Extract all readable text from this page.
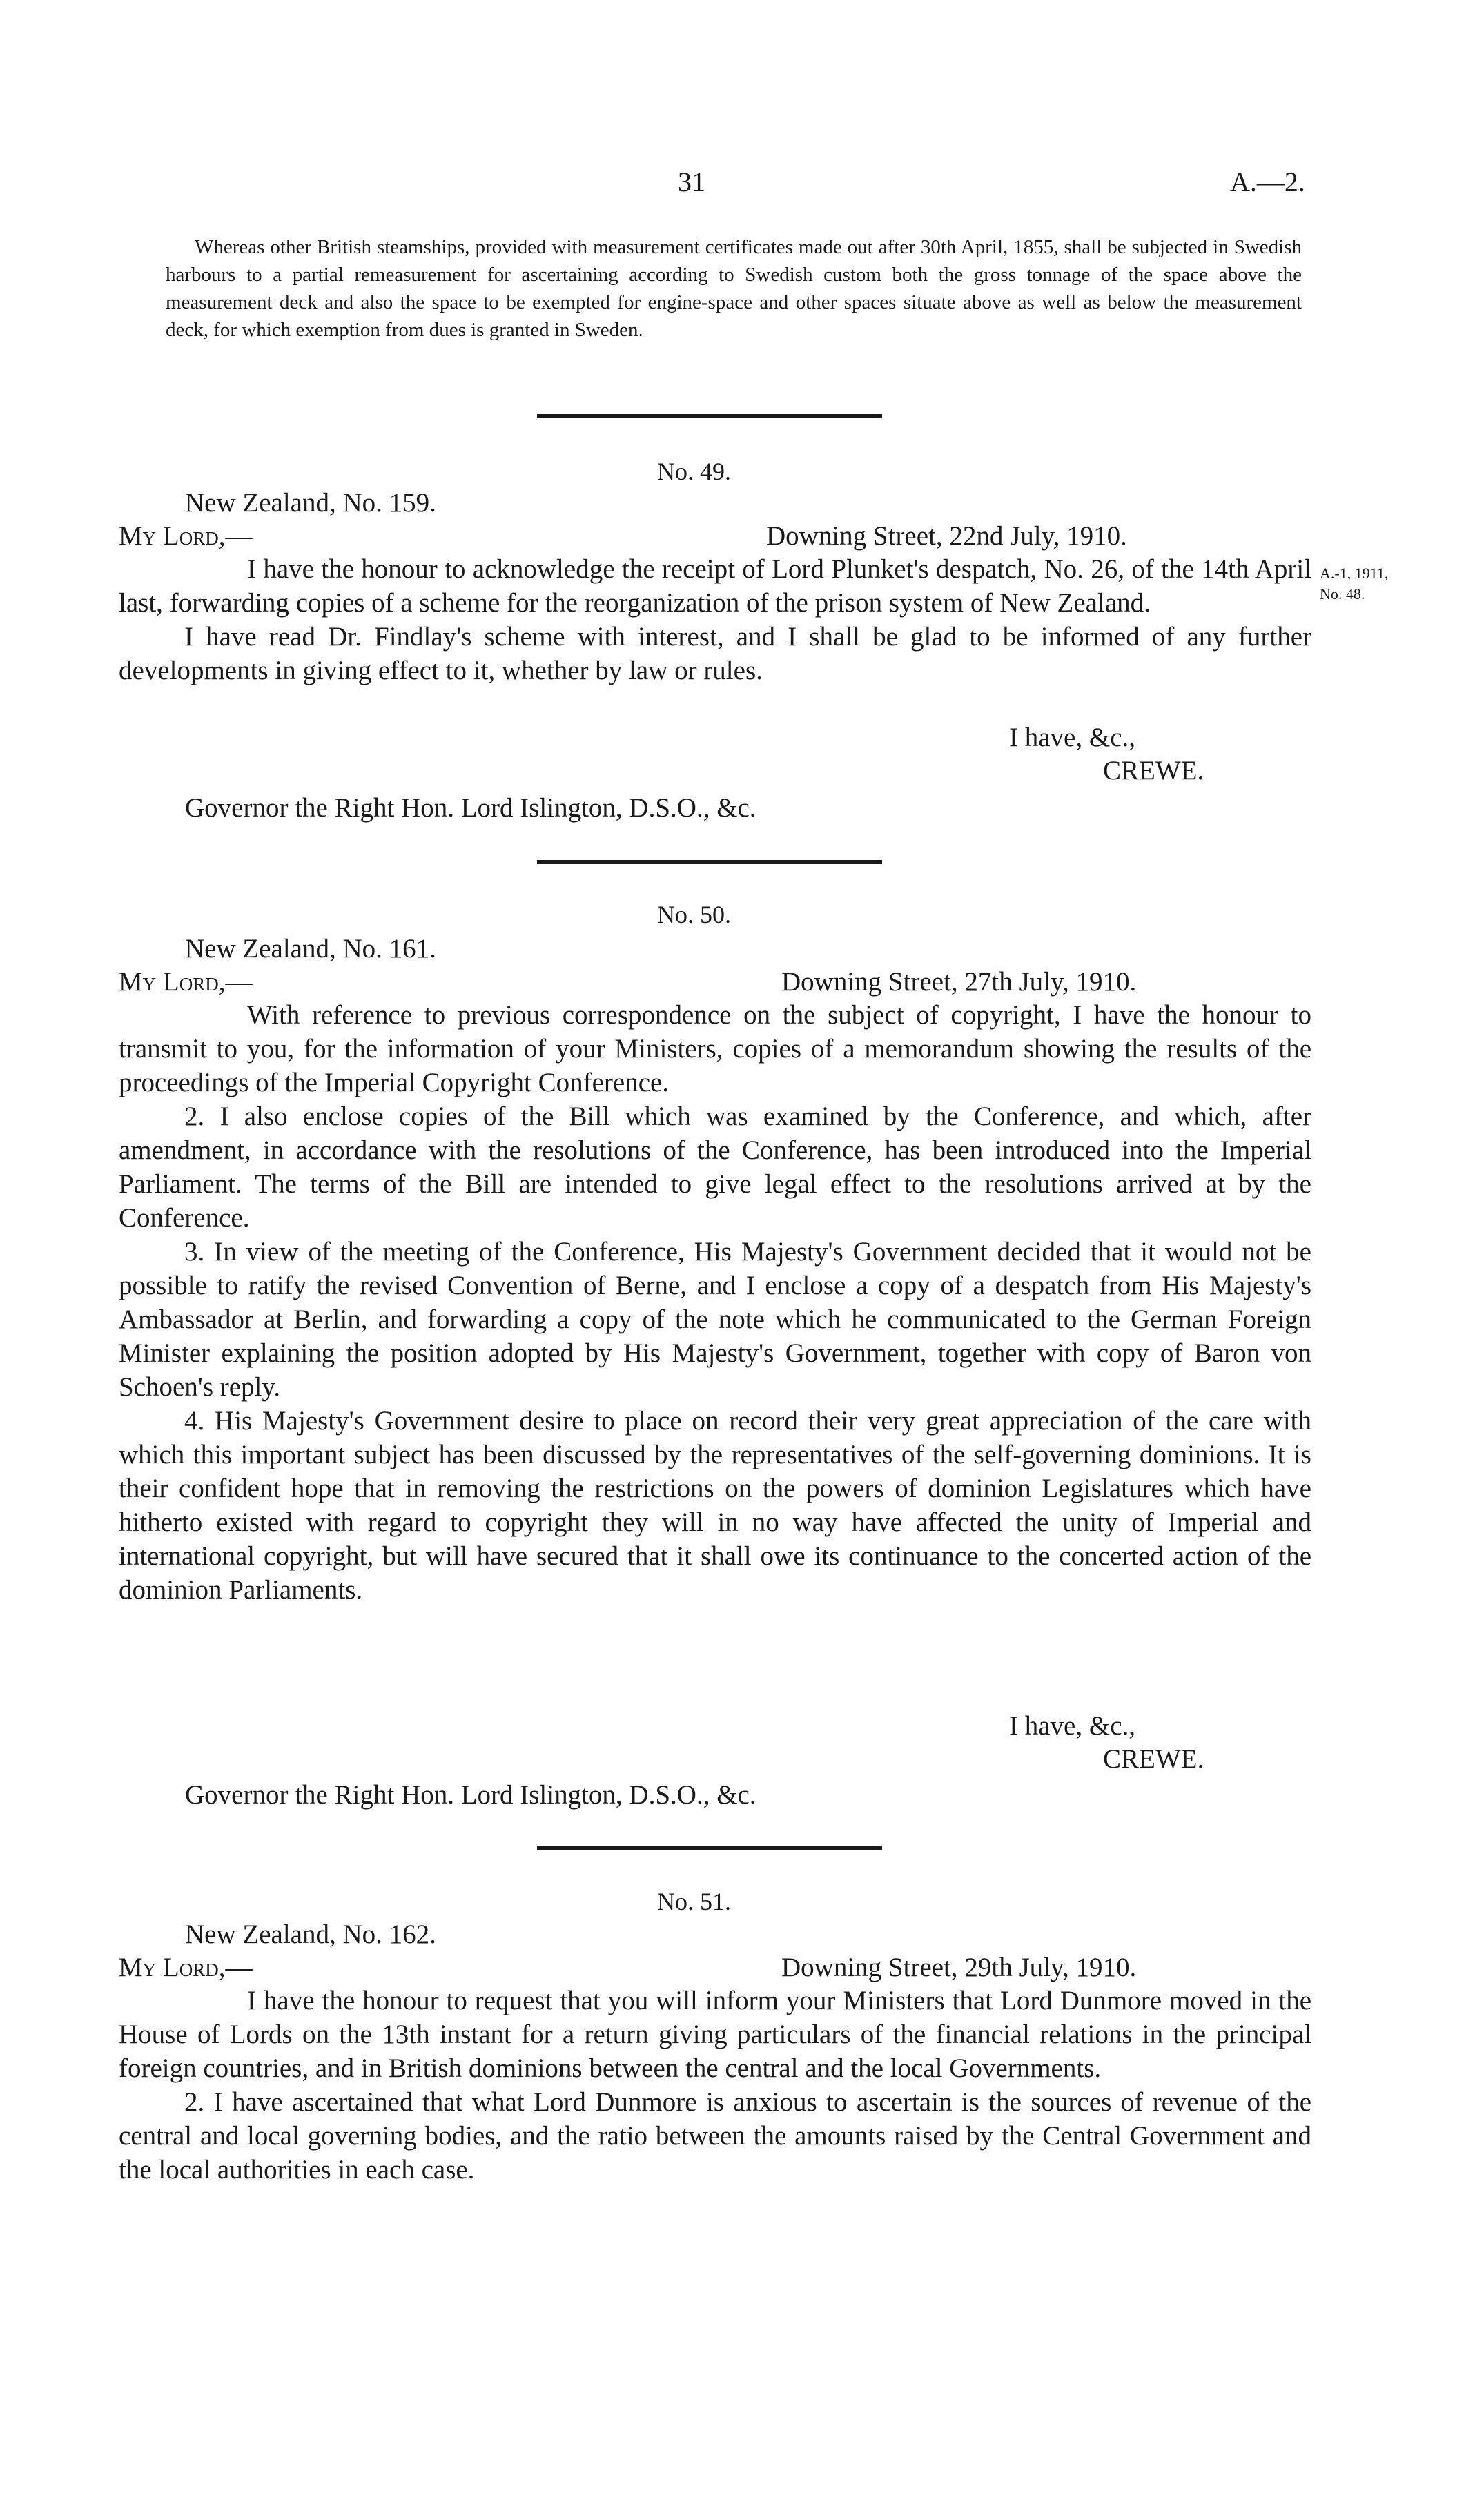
31	A.—2.

Whereas other British steamships, provided with measurement certificates made out after 30th April, 1855, shall be subjected in Swedish harbours to a partial remeasurement for ascertaining according to Swedish custom both the gross tonnage of the space above the measurement deck and also the space to be exempted for engine-space and other spaces situate above as well as below the measurement deck, for which exemption from dues is granted in Sweden.

No. 49.
New Zealand, No. 159.
My Lord,—	Downing Street, 22nd July, 1910.
A.-1, 1911,
No. 48.

I have the honour to acknowledge the receipt of Lord Plunket's despatch, No. 26, of the 14th April last, forwarding copies of a scheme for the reorganization of the prison system of New Zealand.

I have read Dr. Findlay's scheme with interest, and I shall be glad to be informed of any further developments in giving effect to it, whether by law or rules.

I have, &c.,
CREWE.
Governor the Right Hon. Lord Islington, D.S.O., &c.
No. 50.
New Zealand, No. 161.
My Lord,—	Downing Street, 27th July, 1910.

With reference to previous correspondence on the subject of copyright, I have the honour to transmit to you, for the information of your Ministers, copies of a memorandum showing the results of the proceedings of the Imperial Copyright Conference.

2. I also enclose copies of the Bill which was examined by the Conference, and which, after amendment, in accordance with the resolutions of the Conference, has been introduced into the Imperial Parliament. The terms of the Bill are intended to give legal effect to the resolutions arrived at by the Conference.

3. In view of the meeting of the Conference, His Majesty's Government decided that it would not be possible to ratify the revised Convention of Berne, and I enclose a copy of a despatch from His Majesty's Ambassador at Berlin, and forwarding a copy of the note which he communicated to the German Foreign Minister explaining the position adopted by His Majesty's Government, together with copy of Baron von Schoen's reply.

4. His Majesty's Government desire to place on record their very great appreciation of the care with which this important subject has been discussed by the representatives of the self-governing dominions. It is their confident hope that in removing the restrictions on the powers of dominion Legislatures which have hitherto existed with regard to copyright they will in no way have affected the unity of Imperial and international copyright, but will have secured that it shall owe its continuance to the concerted action of the dominion Parliaments.

I have, &c.,
CREWE.
Governor the Right Hon. Lord Islington, D.S.O., &c.
No. 51.
New Zealand, No. 162.
My Lord,—	Downing Street, 29th July, 1910.

I have the honour to request that you will inform your Ministers that Lord Dunmore moved in the House of Lords on the 13th instant for a return giving particulars of the financial relations in the principal foreign countries, and in British dominions between the central and the local Governments.

2. I have ascertained that what Lord Dunmore is anxious to ascertain is the sources of revenue of the central and local governing bodies, and the ratio between the amounts raised by the Central Government and the local authorities in each case.
